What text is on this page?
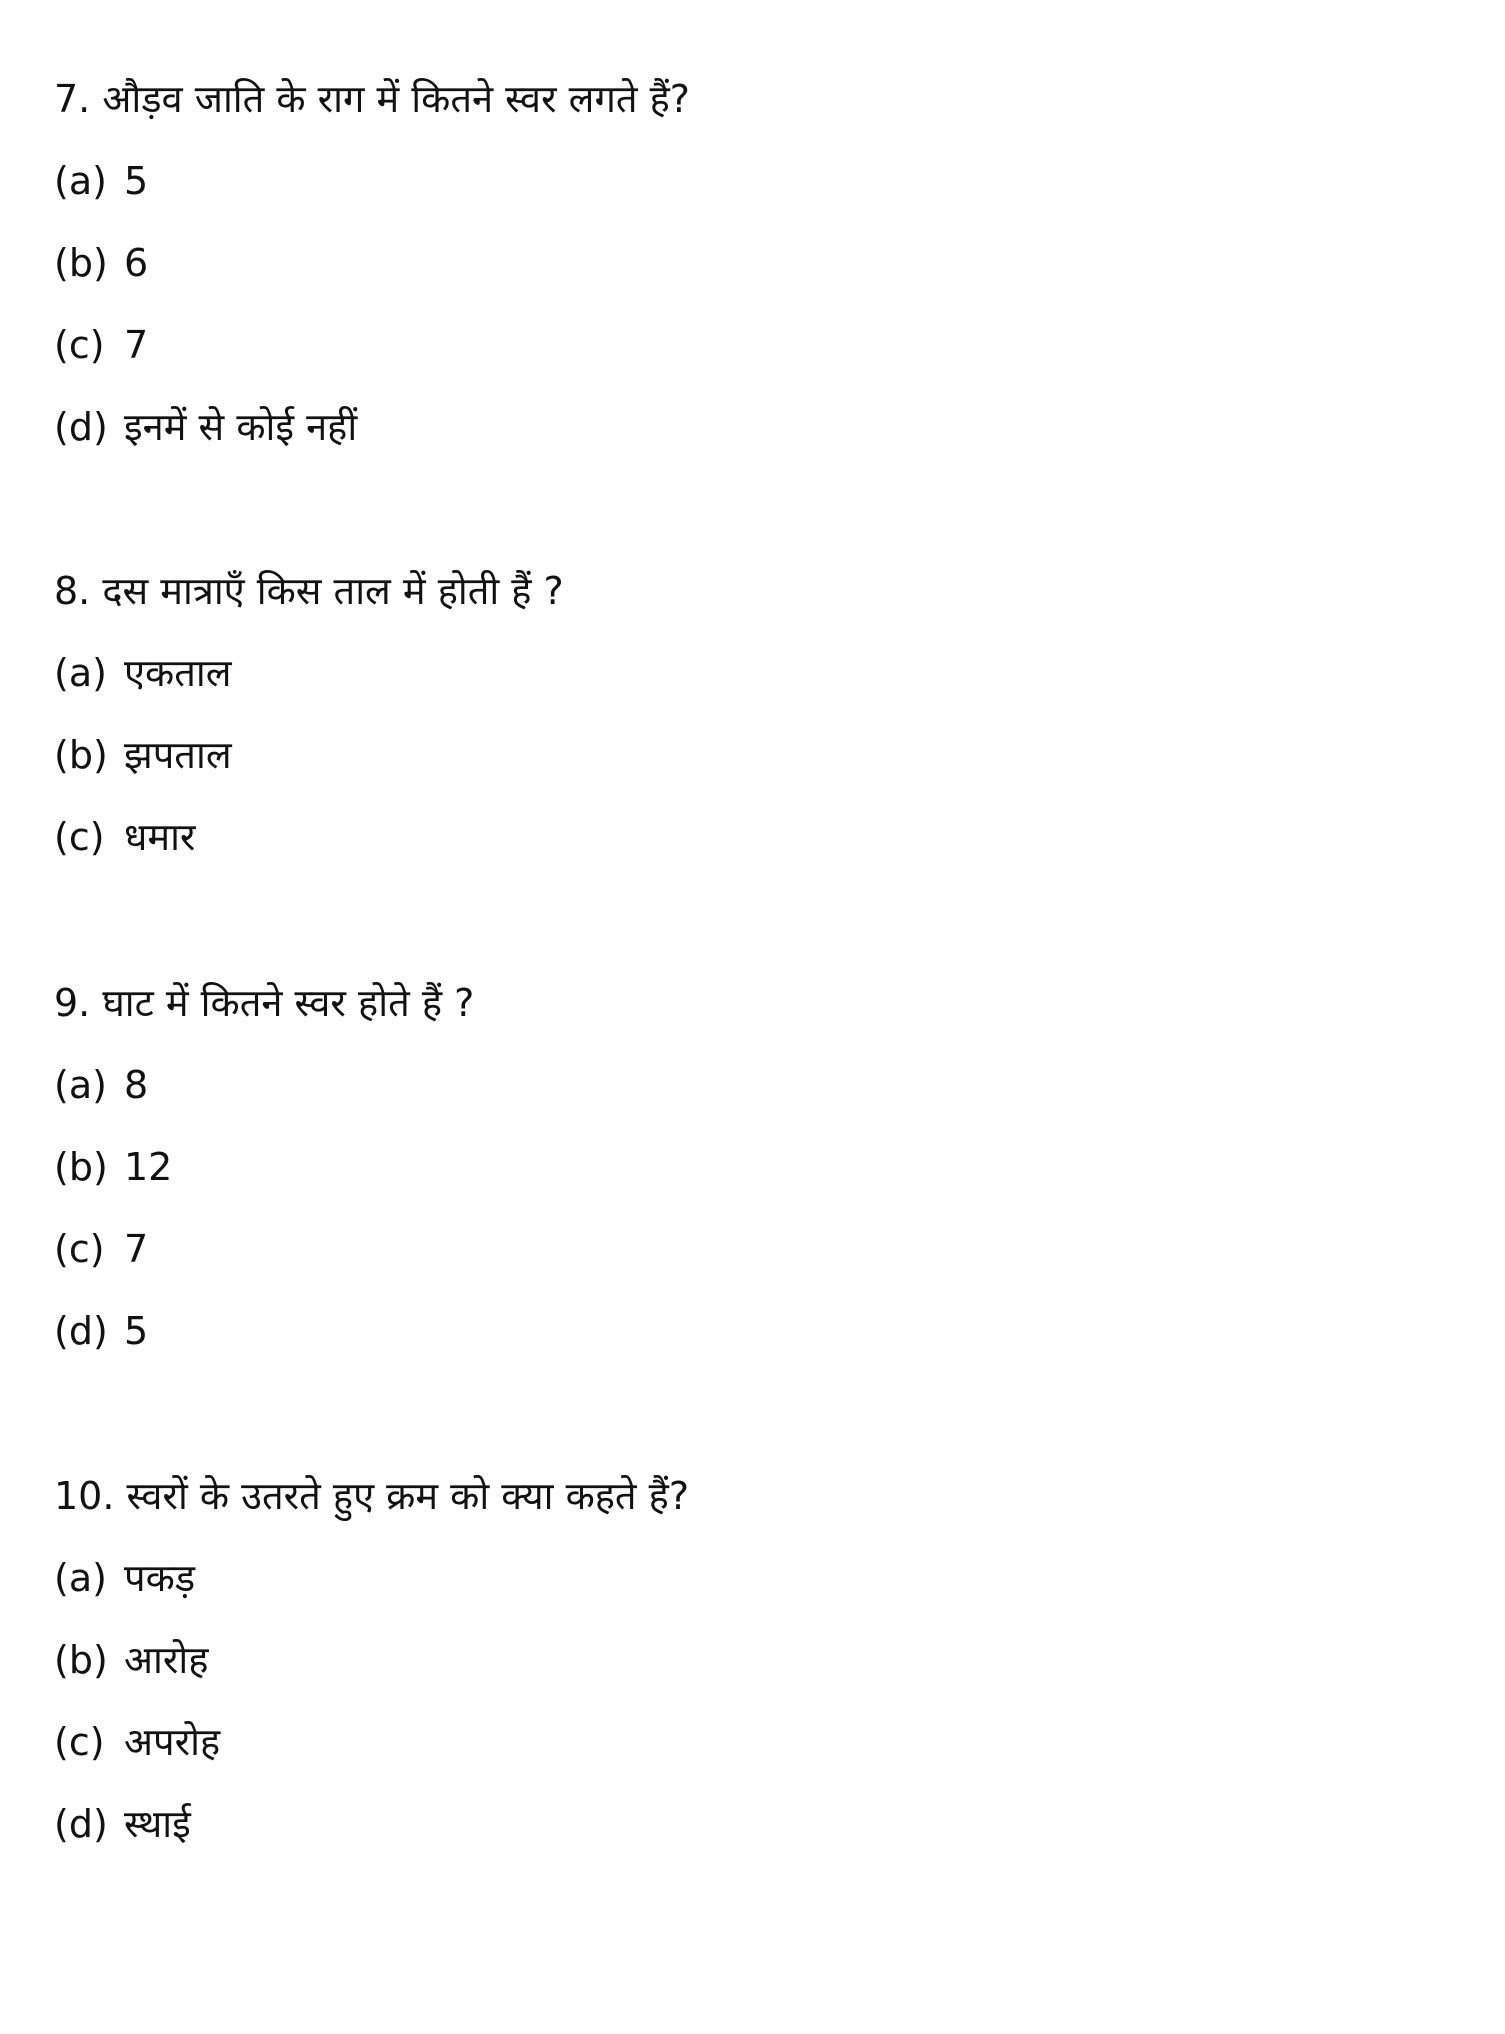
7. औड़व जाति के राग में कितने स्वर लगते हैं?
(a) 5
(b) 6
(c) 7
(d) इनमें से कोई नहीं
8. दस मात्राएँ किस ताल में होती हैं ?
(a) एकताल
(b) झपताल
(c) धमार
9. घाट में कितने स्वर होते हैं ?
(a) 8
(b) 12
(c) 7
(d) 5
10. स्वरों के उतरते हुए क्रम को क्या कहते हैं?
(a) पकड़
(b) आरोह
(c) अपरोह
(d) स्थाई
